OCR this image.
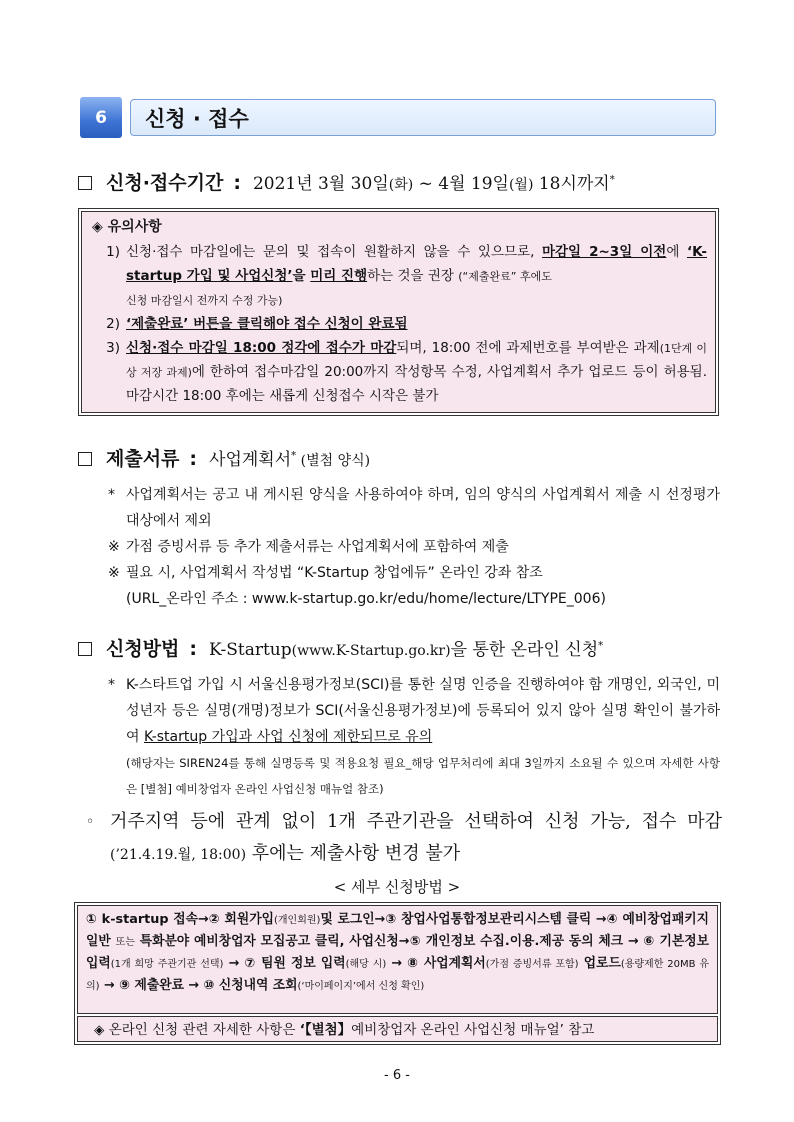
6	신청 · 접수
신청·접수기간 : 2021년 3월 30일(화) ~ 4월 19일(월) 18시까지*
◈ 유의사항
1) 신청·접수 마감일에는 문의 및 접속이 원활하지 않을 수 있으므로, 마감일 2~3일 이전에 ‘K-startup 가입 및 사업신청’을 미리 진행하는 것을 권장 (“제출완료” 후에도
신청 마감일시 전까지 수정 가능)
2) ‘제출완료’ 버튼을 클릭해야 접수 신청이 완료됨
3) 신청·접수 마감일 18:00 정각에 접수가 마감되며, 18:00 전에 과제번호를 부여받은 과제(1단계 이상 저장 과제)에 한하여 접수마감일 20:00까지 작성항목 수정, 사업계획서 추가 업로드 등이 허용됨. 마감시간 18:00 후에는 새롭게 신청접수 시작은 불가
제출서류 : 사업계획서* (별첨 양식)
* 사업계획서는 공고 내 게시된 양식을 사용하여야 하며, 임의 양식의 사업계획서 제출 시 선정평가 대상에서 제외
※ 가점 증빙서류 등 추가 제출서류는 사업계획서에 포함하여 제출
※ 필요 시, 사업계획서 작성법 “K-Startup 창업에듀” 온라인 강좌 참조
(URL_온라인 주소 : www.k-startup.go.kr/edu/home/lecture/LTYPE_006)
신청방법 : K-Startup(www.K-Startup.go.kr)을 통한 온라인 신청*
* K-스타트업 가입 시 서울신용평가정보(SCI)를 통한 실명 인증을 진행하여야 함 개명인, 외국인, 미성년자 등은 실명(개명)정보가 SCI(서울신용평가정보)에 등록되어 있지 않아 실명 확인이 불가하여 K-startup 가입과 사업 신청에 제한되므로 유의
(해당자는 SIREN24를 통해 실명등록 및 적용요청 필요_해당 업무처리에 최대 3일까지 소요될 수 있으며 자세한 사항은 [별첨] 예비창업자 온라인 사업신청 매뉴얼 참조)
◦ 거주지역 등에 관계 없이 1개 주관기관을 선택하여 신청 가능, 접수 마감(’21.4.19.월, 18:00) 후에는 제출사항 변경 불가
< 세부 신청방법 >
① k-startup 접속→② 회원가입(개인회원)및 로그인→③ 창업사업통합정보관리시스템 클릭 →④ 예비창업패키지 일반 또는 특화분야 예비창업자 모집공고 클릭, 사업신청→⑤ 개인정보 수집.이용.제공 동의 체크 → ⑥ 기본정보 입력(1개 희망 주관기관 선택) → ⑦ 팀원 정보 입력(해당 시) → ⑧ 사업계획서(가점 증빙서류 포함) 업로드(용량제한 20MB 유의) → ⑨ 제출완료 → ⑩ 신청내역 조회(‘마이페이지’에서 신청 확인)
◈ 온라인 신청 관련 자세한 사항은 ‘【별첨】예비창업자 온라인 사업신청 매뉴얼’ 참고
- 6 -
